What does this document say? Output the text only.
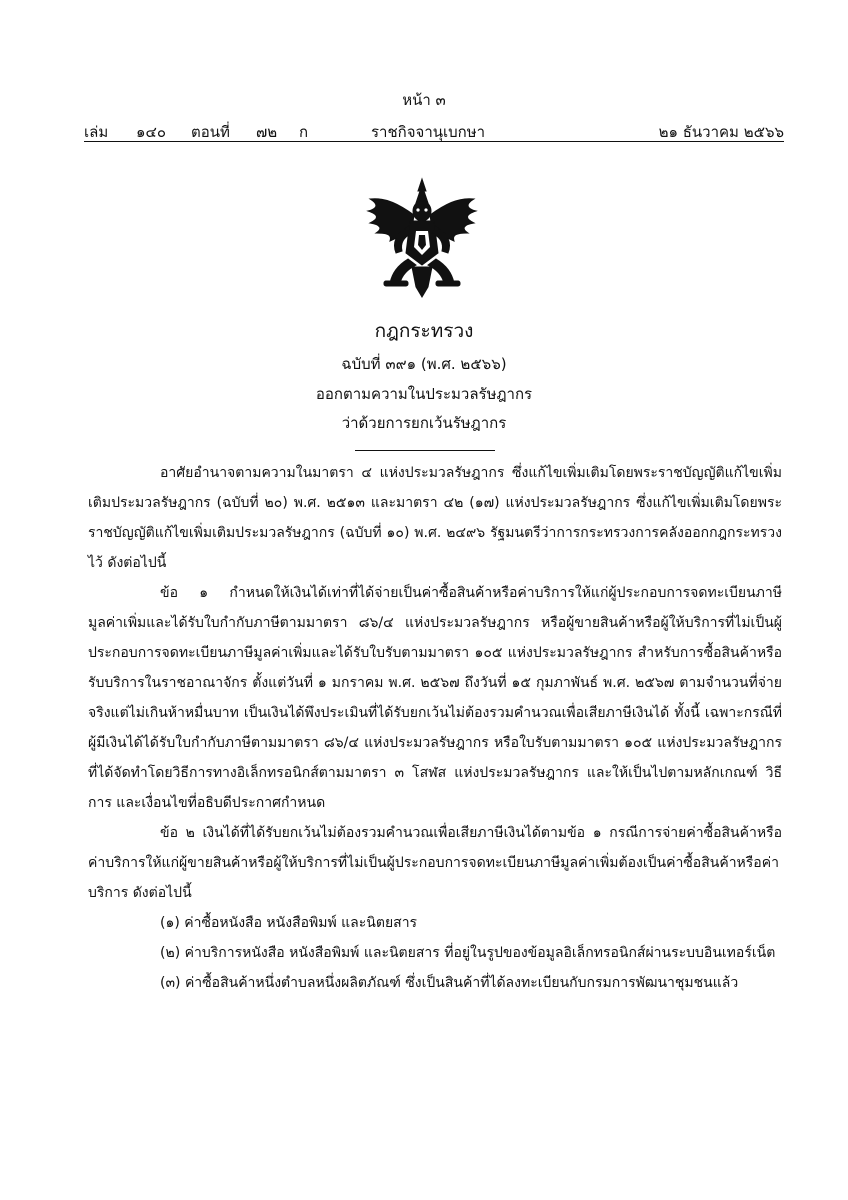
หน้า ๓
เล่ม ๑๔๐ ตอนที่ ๗๒ ก	ราชกิจจานุเบกษา	๒๑ ธันวาคม ๒๕๖๖
กฎกระทรวง
ฉบับที่ ๓๙๑ (พ.ศ. ๒๕๖๖)
ออกตามความในประมวลรัษฎากร
ว่าด้วยการยกเว้นรัษฎากร

อาศัยอำนาจตามความในมาตรา ๔ แห่งประมวลรัษฎากร ซึ่งแก้ไขเพิ่มเติมโดยพระราชบัญญัติแก้ไขเพิ่มเติมประมวลรัษฎากร (ฉบับที่ ๒๐) พ.ศ. ๒๕๑๓ และมาตรา ๔๒ (๑๗) แห่งประมวลรัษฎากร ซึ่งแก้ไขเพิ่มเติมโดยพระราชบัญญัติแก้ไขเพิ่มเติมประมวลรัษฎากร (ฉบับที่ ๑๐) พ.ศ. ๒๔๙๖ รัฐมนตรีว่าการกระทรวงการคลังออกกฎกระทรวงไว้ ดังต่อไปนี้

ข้อ ๑ กำหนดให้เงินได้เท่าที่ได้จ่ายเป็นค่าซื้อสินค้าหรือค่าบริการให้แก่ผู้ประกอบการจดทะเบียนภาษีมูลค่าเพิ่มและได้รับใบกำกับภาษีตามมาตรา ๘๖/๔ แห่งประมวลรัษฎากร หรือผู้ขายสินค้าหรือผู้ให้บริการที่ไม่เป็นผู้ประกอบการจดทะเบียนภาษีมูลค่าเพิ่มและได้รับใบรับตามมาตรา ๑๐๕ แห่งประมวลรัษฎากร สำหรับการซื้อสินค้าหรือรับบริการในราชอาณาจักร ตั้งแต่วันที่ ๑ มกราคม พ.ศ. ๒๕๖๗ ถึงวันที่ ๑๕ กุมภาพันธ์ พ.ศ. ๒๕๖๗ ตามจำนวนที่จ่ายจริงแต่ไม่เกินห้าหมื่นบาท เป็นเงินได้พึงประเมินที่ได้รับยกเว้นไม่ต้องรวมคำนวณเพื่อเสียภาษีเงินได้ ทั้งนี้ เฉพาะกรณีที่ผู้มีเงินได้ได้รับใบกำกับภาษีตามมาตรา ๘๖/๔ แห่งประมวลรัษฎากร หรือใบรับตามมาตรา ๑๐๕ แห่งประมวลรัษฎากร ที่ได้จัดทำโดยวิธีการทางอิเล็กทรอนิกส์ตามมาตรา ๓ โสฬส แห่งประมวลรัษฎากร และให้เป็นไปตามหลักเกณฑ์ วิธีการ และเงื่อนไขที่อธิบดีประกาศกำหนด

ข้อ ๒ เงินได้ที่ได้รับยกเว้นไม่ต้องรวมคำนวณเพื่อเสียภาษีเงินได้ตามข้อ ๑ กรณีการจ่ายค่าซื้อสินค้าหรือค่าบริการให้แก่ผู้ขายสินค้าหรือผู้ให้บริการที่ไม่เป็นผู้ประกอบการจดทะเบียนภาษีมูลค่าเพิ่มต้องเป็นค่าซื้อสินค้าหรือค่าบริการ ดังต่อไปนี้

(๑) ค่าซื้อหนังสือ หนังสือพิมพ์ และนิตยสาร

(๒) ค่าบริการหนังสือ หนังสือพิมพ์ และนิตยสาร ที่อยู่ในรูปของข้อมูลอิเล็กทรอนิกส์ผ่านระบบอินเทอร์เน็ต

(๓) ค่าซื้อสินค้าหนึ่งตำบลหนึ่งผลิตภัณฑ์ ซึ่งเป็นสินค้าที่ได้ลงทะเบียนกับกรมการพัฒนาชุมชนแล้ว
